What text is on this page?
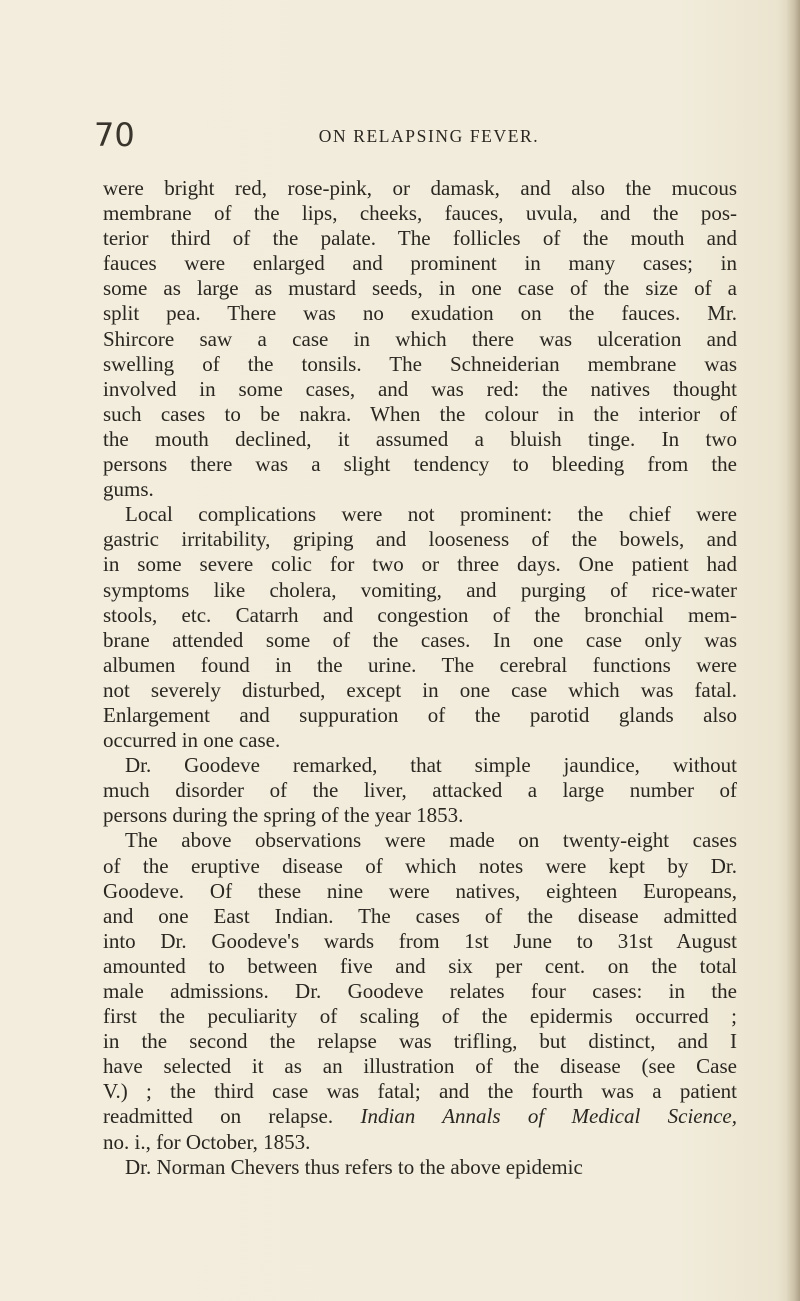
70	ON RELAPSING FEVER.
were bright red, rose-pink, or damask, and also the mucous
membrane of the lips, cheeks, fauces, uvula, and the pos-
terior third of the palate. The follicles of the mouth and
fauces were enlarged and prominent in many cases; in
some as large as mustard seeds, in one case of the size of a
split pea. There was no exudation on the fauces. Mr.
Shircore saw a case in which there was ulceration and
swelling of the tonsils. The Schneiderian membrane was
involved in some cases, and was red: the natives thought
such cases to be nakra. When the colour in the interior of
the mouth declined, it assumed a bluish tinge. In two
persons there was a slight tendency to bleeding from the
gums.
Local complications were not prominent: the chief were
gastric irritability, griping and looseness of the bowels, and
in some severe colic for two or three days. One patient had
symptoms like cholera, vomiting, and purging of rice-water
stools, etc. Catarrh and congestion of the bronchial mem-
brane attended some of the cases. In one case only was
albumen found in the urine. The cerebral functions were
not severely disturbed, except in one case which was fatal.
Enlargement and suppuration of the parotid glands also
occurred in one case.
Dr. Goodeve remarked, that simple jaundice, without
much disorder of the liver, attacked a large number of
persons during the spring of the year 1853.
The above observations were made on twenty-eight cases
of the eruptive disease of which notes were kept by Dr.
Goodeve. Of these nine were natives, eighteen Europeans,
and one East Indian. The cases of the disease admitted
into Dr. Goodeve's wards from 1st June to 31st August
amounted to between five and six per cent. on the total
male admissions. Dr. Goodeve relates four cases: in the
first the peculiarity of scaling of the epidermis occurred ;
in the second the relapse was trifling, but distinct, and I
have selected it as an illustration of the disease (see Case
V.) ; the third case was fatal; and the fourth was a patient
readmitted on relapse. Indian Annals of Medical Science,
no. i., for October, 1853.
Dr. Norman Chevers thus refers to the above epidemic
